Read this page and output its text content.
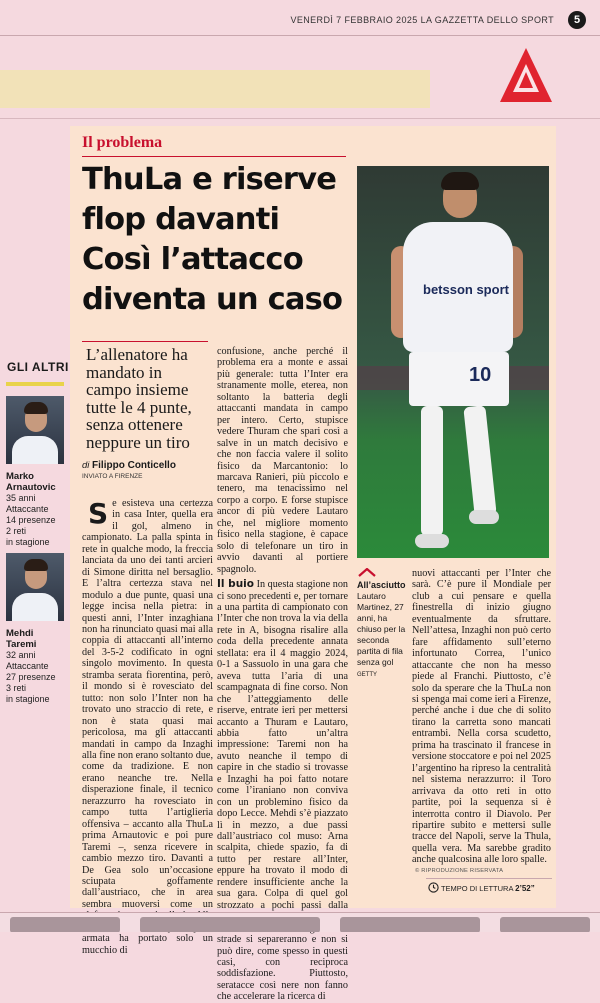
VENERDÌ 7 FEBBRAIO 2025 LA GAZZETTA DELLO SPORT	5
GLI ALTRI
Marko Arnautovic
35 anni
Attaccante
14 presenze
2 reti
in stagione
Mehdi Taremi
32 anni
Attaccante
27 presenze
3 reti
in stagione
Il problema
ThuLa e riserve
flop davanti
Così l’attacco
diventa un caso	betsson sport
10

L’allenatore ha mandato in campo insieme tutte le 4 punte, senza ottenere neppure un tiro

di Filippo Conticello
INVIATO A FIRENZE

Se esisteva una certezza in casa Inter, quella era il gol, almeno in campionato. La palla spinta in rete in qualche modo, la freccia lanciata da uno dei tanti arcieri di Simone diritta nel bersaglio. E l’altra certezza stava nel modulo a due punte, quasi una legge incisa nella pietra: in questi anni, l’Inter inzaghiana non ha rinunciato quasi mai alla coppia di attaccanti all’interno del 3-5-2 codificato in ogni singolo movimento. In questa stramba serata fiorentina, però, il mondo si è rovesciato del tutto: non solo l’Inter non ha trovato uno straccio di rete, e non è stata quasi mai pericolosa, ma gli attaccanti mandati in campo da Inzaghi alla fine non erano soltanto due, come da tradizione. E non erano neanche tre. Nella disperazione finale, il tecnico nerazzurro ha rovesciato in campo tutta l’artiglieria offensiva – accanto alla ThuLa prima Arnautovic e poi pure Taremi –, senza ricevere in cambio mezzo tiro. Davanti a De Gea solo un’occasione sciupata goffamente dall’austriaco, che in area sembra muoversi come un armata ha portato solo un mucchio di

confusione, anche perché il problema era a monte e assai più generale: tutta l’Inter era stranamente molle, eterea, non soltanto la batteria degli attaccanti mandata in campo per intero. Certo, stupisce vedere Thuram che spari così a salve in un match decisivo e che non faccia valere il solito fisico da Marcantonio: lo marcava Ranieri, più piccolo e tenero, ma tenacissimo nel corpo a corpo. E forse stupisce ancor di più vedere Lautaro che, nel migliore momento fisico nella stagione, è capace solo di telefonare un tiro in avvio davanti al portiere spagnolo.

Il buio In questa stagione non ci sono precedenti e, per tornare a una partita di campionato con l’Inter che non trova la via della rete in A, bisogna risalire alla coda della precedente annata stellata: era il 4 maggio 2024, 0-1 a Sassuolo in una gara che aveva tutta l’aria di una scampagnata di fine corso. Non che l’atteggiamento delle riserve, entrate ieri per mettersi accanto a Thuram e Lautaro, abbia fatto un’altra impressione: Taremi non ha avuto neanche il tempo di capire in che stadio si trovasse e Inzaghi ha poi fatto notare come l’iraniano non conviva con un problemino fisico da dopo Lecce. Mehdi s’è piazzato lì in mezzo, a due passi dall’austriaco col muso: Arna scalpita, chiede spazio, fa di tutto per restare all’Inter, eppure ha trovato il modo di rendere insufficiente anche la sua gara. Colpa di quel gol strozzato a pochi passi dalla strade si separeranno e non si può dire, come spesso in questi casi, con reciproca soddisfazione. Piuttosto, seratacce così nere non fanno che accelerare la ricerca di

All’asciutto
Lautaro Martinez, 27 anni, ha chiuso per la seconda partita di fila senza gol GETTY

nuovi attaccanti per l’Inter che sarà. C’è pure il Mondiale per club a cui pensare e quella finestrella di inizio giugno eventualmente da sfruttare. Nell’attesa, Inzaghi non può certo fare affidamento sull’eterno infortunato Correa, l’unico attaccante che non ha messo piede al Franchi. Piuttosto, c’è solo da sperare che la ThuLa non si spenga mai come ieri a Firenze, perché anche i due che di solito tirano la carretta sono mancati entrambi. Nella corsa scudetto, prima ha trascinato il francese in versione stoccatore e poi nel 2025 l’argentino ha ripreso la centralità nel sistema nerazzurro: il Toro arrivava da otto reti in otto partite, poi la sequenza si è interrotta contro il Diavolo. Per ripartire subito e mettersi sulle tracce del Napoli, serve la Thula, quella vera. Ma sarebbe gradito anche qualcosina alle loro spalle.

© RIPRODUZIONE RISERVATA
TEMPO DI LETTURA 2’52”
